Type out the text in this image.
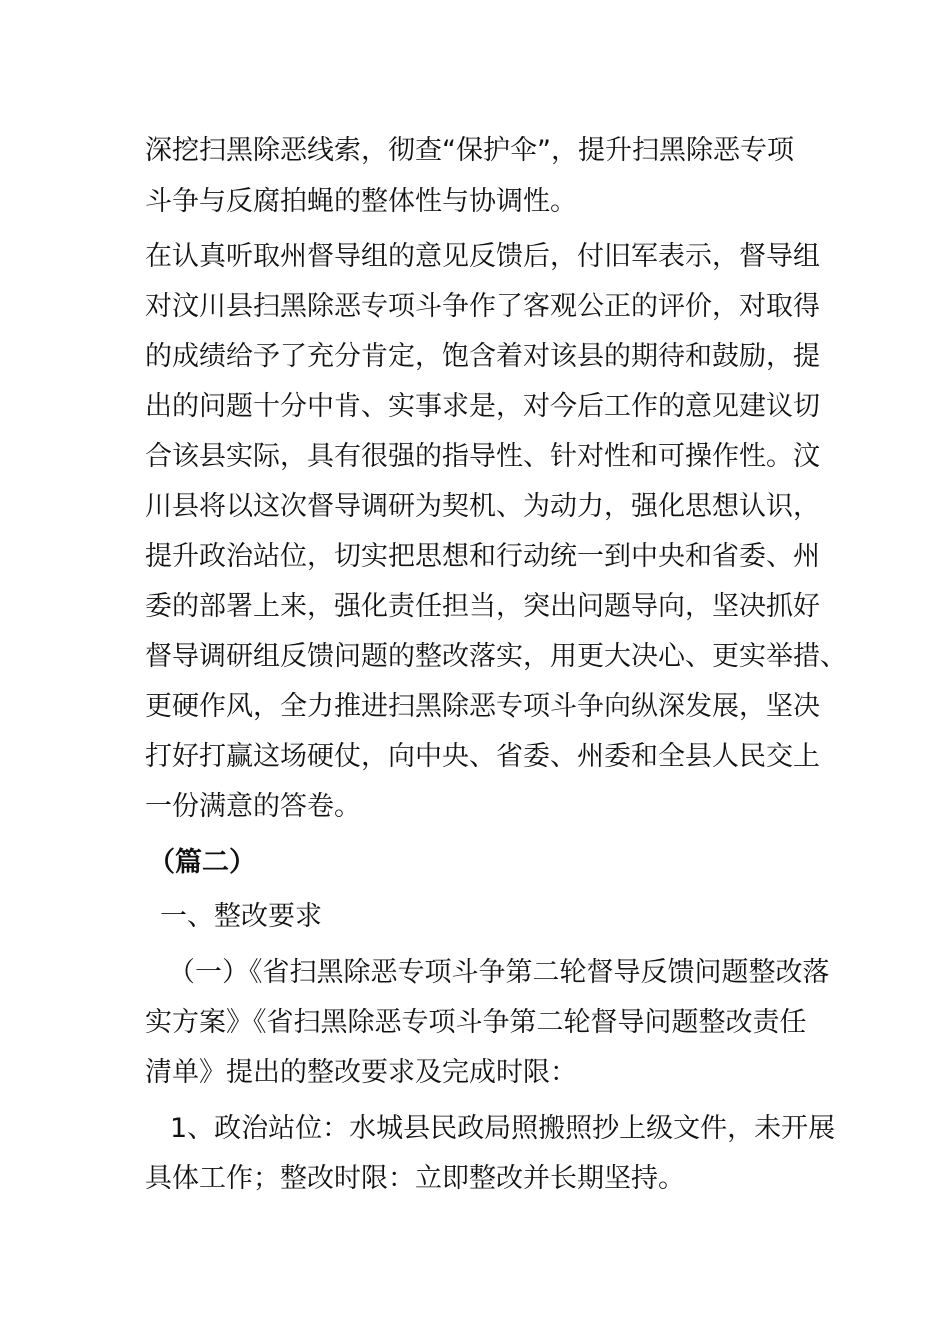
深挖扫黑除恶线索，彻查“保护伞”，提升扫黑除恶专项
斗争与反腐拍蝇的整体性与协调性。
在认真听取州督导组的意见反馈后，付旧军表示，督导组
对汶川县扫黑除恶专项斗争作了客观公正的评价，对取得
的成绩给予了充分肯定，饱含着对该县的期待和鼓励，提
出的问题十分中肯、实事求是，对今后工作的意见建议切
合该县实际，具有很强的指导性、针对性和可操作性。汶
川县将以这次督导调研为契机、为动力，强化思想认识，
提升政治站位，切实把思想和行动统一到中央和省委、州
委的部署上来，强化责任担当，突出问题导向，坚决抓好
督导调研组反馈问题的整改落实，用更大决心、更实举措、
更硬作风，全力推进扫黑除恶专项斗争向纵深发展，坚决
打好打赢这场硬仗，向中央、省委、州委和全县人民交上
一份满意的答卷。
（篇二）
一、整改要求
（一）《省扫黑除恶专项斗争第二轮督导反馈问题整改落
实方案》《省扫黑除恶专项斗争第二轮督导问题整改责任
清单》提出的整改要求及完成时限：
1、政治站位：水城县民政局照搬照抄上级文件，未开展
具体工作；整改时限：立即整改并长期坚持。
